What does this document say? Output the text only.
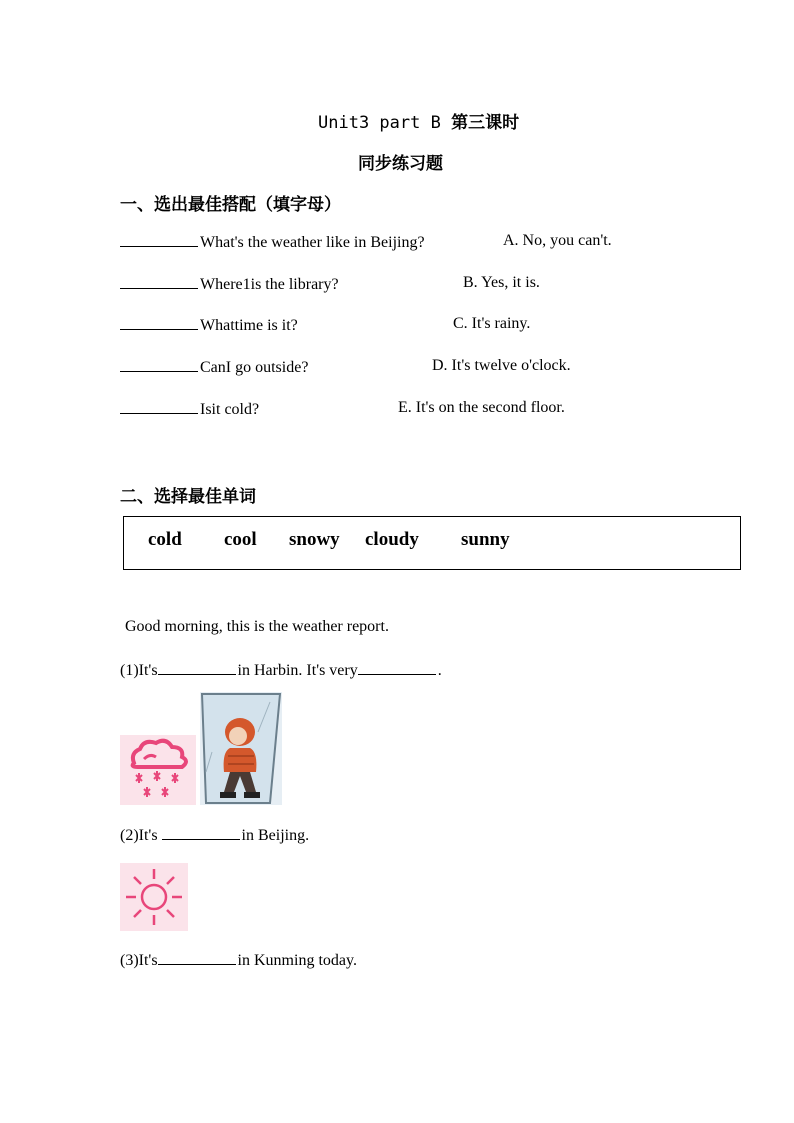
Unit3 part B 第三课时
同步练习题
一、选出最佳搭配（填字母）
What's the weather like in Beijing?	A. No, you can't.
Where1is the library?	B. Yes, it is.
Whattime is it?	C. It's rainy.
CanI go outside?	D. It's twelve o'clock.
Isit cold?	E. It's on the second floor.
二、选择最佳单词
cold cool snowy cloudy sunny
Good morning, this is the weather report.
(1)It's	in Harbin. It's very	.
(2)It's	in Beijing.
(3)It's	in Kunming today.
